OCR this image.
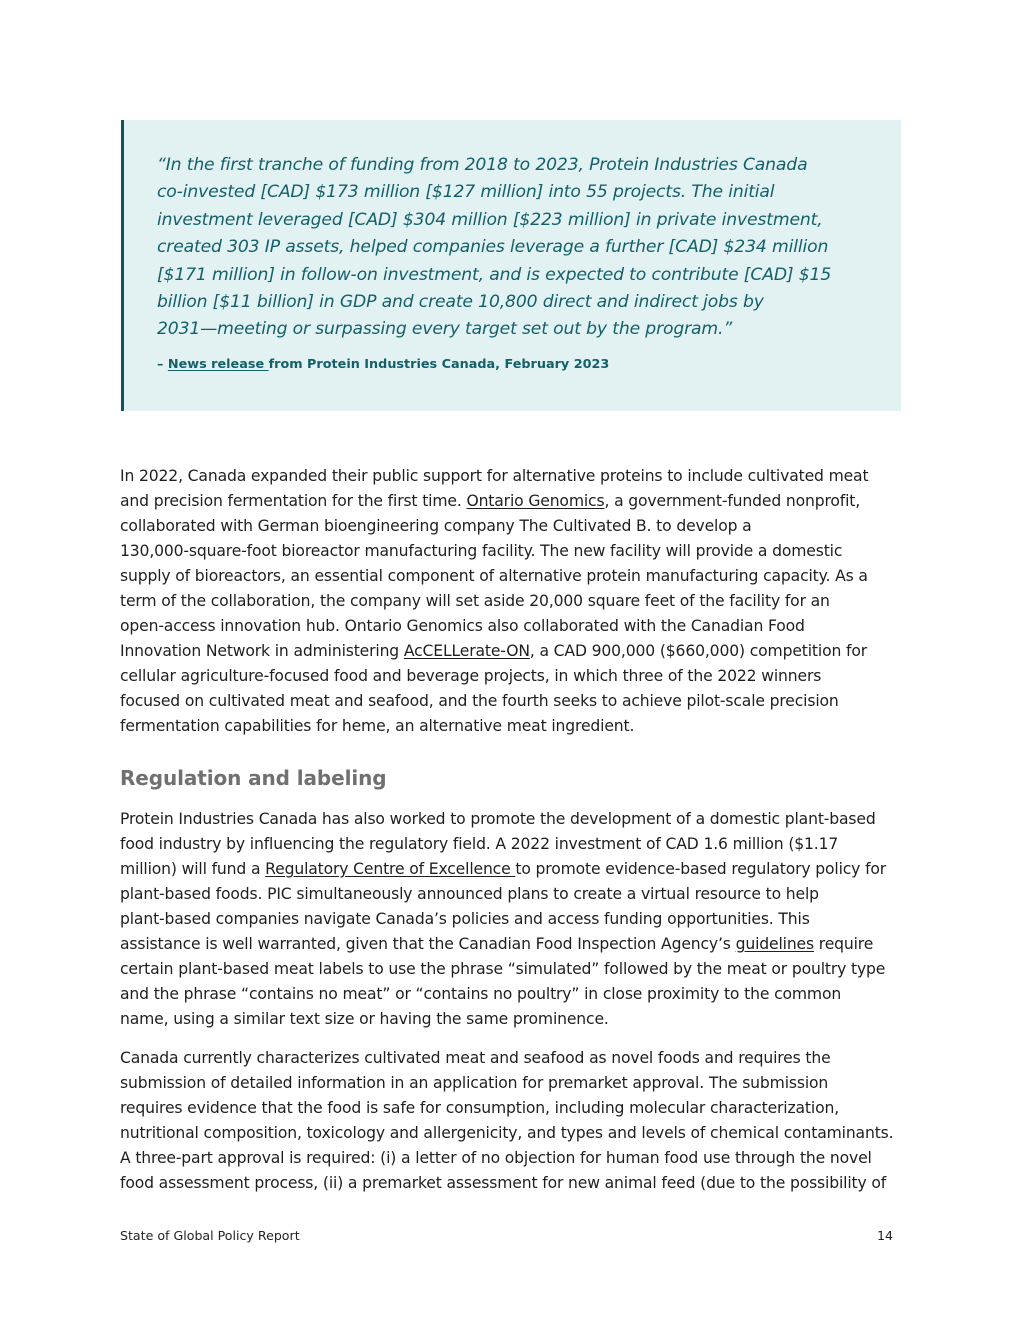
“In the first tranche of funding from 2018 to 2023, Protein Industries Canada
co-invested [CAD] $173 million [$127 million] into 55 projects. The initial
investment leveraged [CAD] $304 million [$223 million] in private investment,
created 303 IP assets, helped companies leverage a further [CAD] $234 million
[$171 million] in follow-on investment, and is expected to contribute [CAD] $15
billion [$11 billion] in GDP and create 10,800 direct and indirect jobs by
2031—meeting or surpassing every target set out by the program.”

– News release from Protein Industries Canada, February 2023

In 2022, Canada expanded their public support for alternative proteins to include cultivated meat
and precision fermentation for the first time. Ontario Genomics, a government-funded nonprofit,
collaborated with German bioengineering company The Cultivated B. to develop a
130,000-square-foot bioreactor manufacturing facility. The new facility will provide a domestic
supply of bioreactors, an essential component of alternative protein manufacturing capacity. As a
term of the collaboration, the company will set aside 20,000 square feet of the facility for an
open-access innovation hub. Ontario Genomics also collaborated with the Canadian Food
Innovation Network in administering AcCELLerate-ON, a CAD 900,000 ($660,000) competition for
cellular agriculture-focused food and beverage projects, in which three of the 2022 winners
focused on cultivated meat and seafood, and the fourth seeks to achieve pilot-scale precision
fermentation capabilities for heme, an alternative meat ingredient.

Regulation and labeling

Protein Industries Canada has also worked to promote the development of a domestic plant-based
food industry by influencing the regulatory field. A 2022 investment of CAD 1.6 million ($1.17
million) will fund a Regulatory Centre of Excellence to promote evidence-based regulatory policy for
plant-based foods. PIC simultaneously announced plans to create a virtual resource to help
plant-based companies navigate Canada’s policies and access funding opportunities. This
assistance is well warranted, given that the Canadian Food Inspection Agency’s guidelines require
certain plant-based meat labels to use the phrase “simulated” followed by the meat or poultry type
and the phrase “contains no meat” or “contains no poultry” in close proximity to the common
name, using a similar text size or having the same prominence.

Canada currently characterizes cultivated meat and seafood as novel foods and requires the
submission of detailed information in an application for premarket approval. The submission
requires evidence that the food is safe for consumption, including molecular characterization,
nutritional composition, toxicology and allergenicity, and types and levels of chemical contaminants.
A three-part approval is required: (i) a letter of no objection for human food use through the novel
food assessment process, (ii) a premarket assessment for new animal feed (due to the possibility of

State of Global Policy Report	14
